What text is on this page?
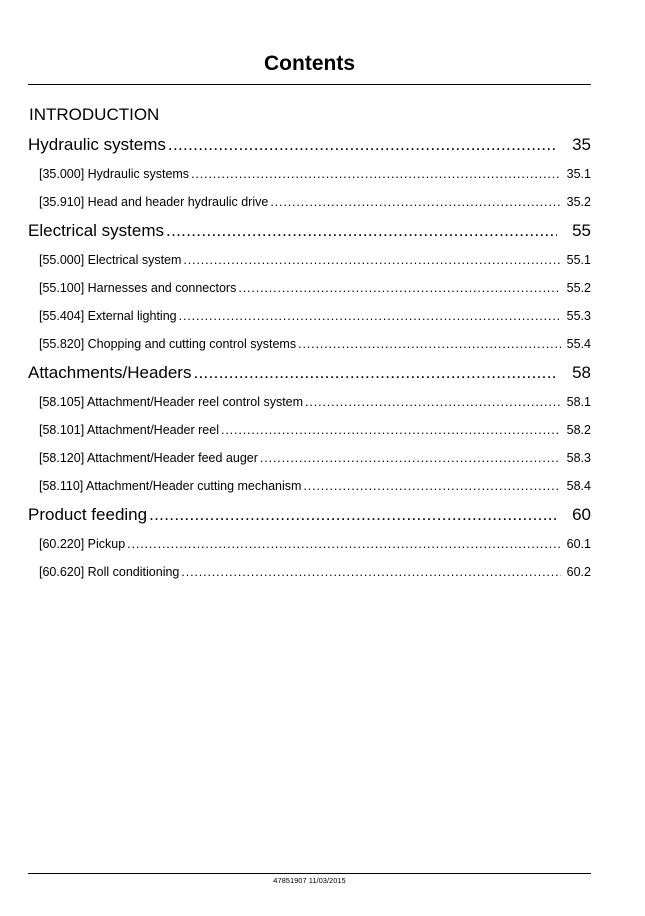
Contents
INTRODUCTION
Hydraulic systems . . .	35
[35.000] Hydraulic systems . . .	35.1
[35.910] Head and header hydraulic drive . . .	35.2
Electrical systems . . .	55
[55.000] Electrical system . . .	55.1
[55.100] Harnesses and connectors . . .	55.2
[55.404] External lighting . . .	55.3
[55.820] Chopping and cutting control systems . . .	55.4
Attachments/Headers . . .	58
[58.105] Attachment/Header reel control system . . .	58.1
[58.101] Attachment/Header reel . . .	58.2
[58.120] Attachment/Header feed auger . . .	58.3
[58.110] Attachment/Header cutting mechanism . . .	58.4
Product feeding . . .	60
[60.220] Pickup . . .	60.1
[60.620] Roll conditioning . . .	60.2
47851907 11/03/2015
